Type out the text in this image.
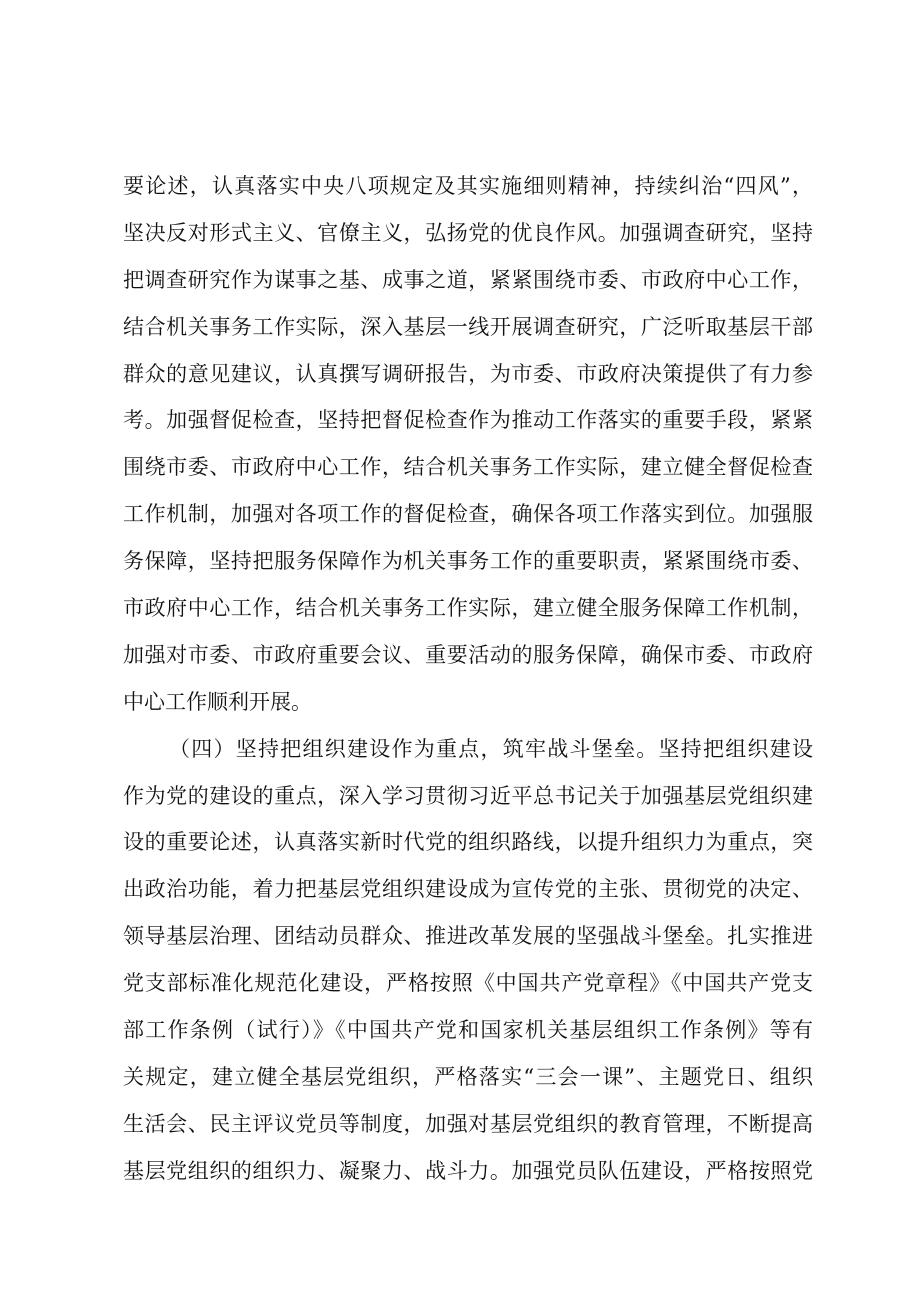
要论述，认真落实中央八项规定及其实施细则精神，持续纠治“四风”，
坚决反对形式主义、官僚主义，弘扬党的优良作风。加强调查研究，坚持
把调查研究作为谋事之基、成事之道，紧紧围绕市委、市政府中心工作，
结合机关事务工作实际，深入基层一线开展调查研究，广泛听取基层干部
群众的意见建议，认真撰写调研报告，为市委、市政府决策提供了有力参
考。加强督促检查，坚持把督促检查作为推动工作落实的重要手段，紧紧
围绕市委、市政府中心工作，结合机关事务工作实际，建立健全督促检查
工作机制，加强对各项工作的督促检查，确保各项工作落实到位。加强服
务保障，坚持把服务保障作为机关事务工作的重要职责，紧紧围绕市委、
市政府中心工作，结合机关事务工作实际，建立健全服务保障工作机制，
加强对市委、市政府重要会议、重要活动的服务保障，确保市委、市政府
中心工作顺利开展。
（四）坚持把组织建设作为重点，筑牢战斗堡垒。坚持把组织建设
作为党的建设的重点，深入学习贯彻习近平总书记关于加强基层党组织建
设的重要论述，认真落实新时代党的组织路线，以提升组织力为重点，突
出政治功能，着力把基层党组织建设成为宣传党的主张、贯彻党的决定、
领导基层治理、团结动员群众、推进改革发展的坚强战斗堡垒。扎实推进
党支部标准化规范化建设，严格按照《中国共产党章程》《中国共产党支
部工作条例（试行）》《中国共产党和国家机关基层组织工作条例》等有
关规定，建立健全基层党组织，严格落实“三会一课”、主题党日、组织
生活会、民主评议党员等制度，加强对基层党组织的教育管理，不断提高
基层党组织的组织力、凝聚力、战斗力。加强党员队伍建设，严格按照党
